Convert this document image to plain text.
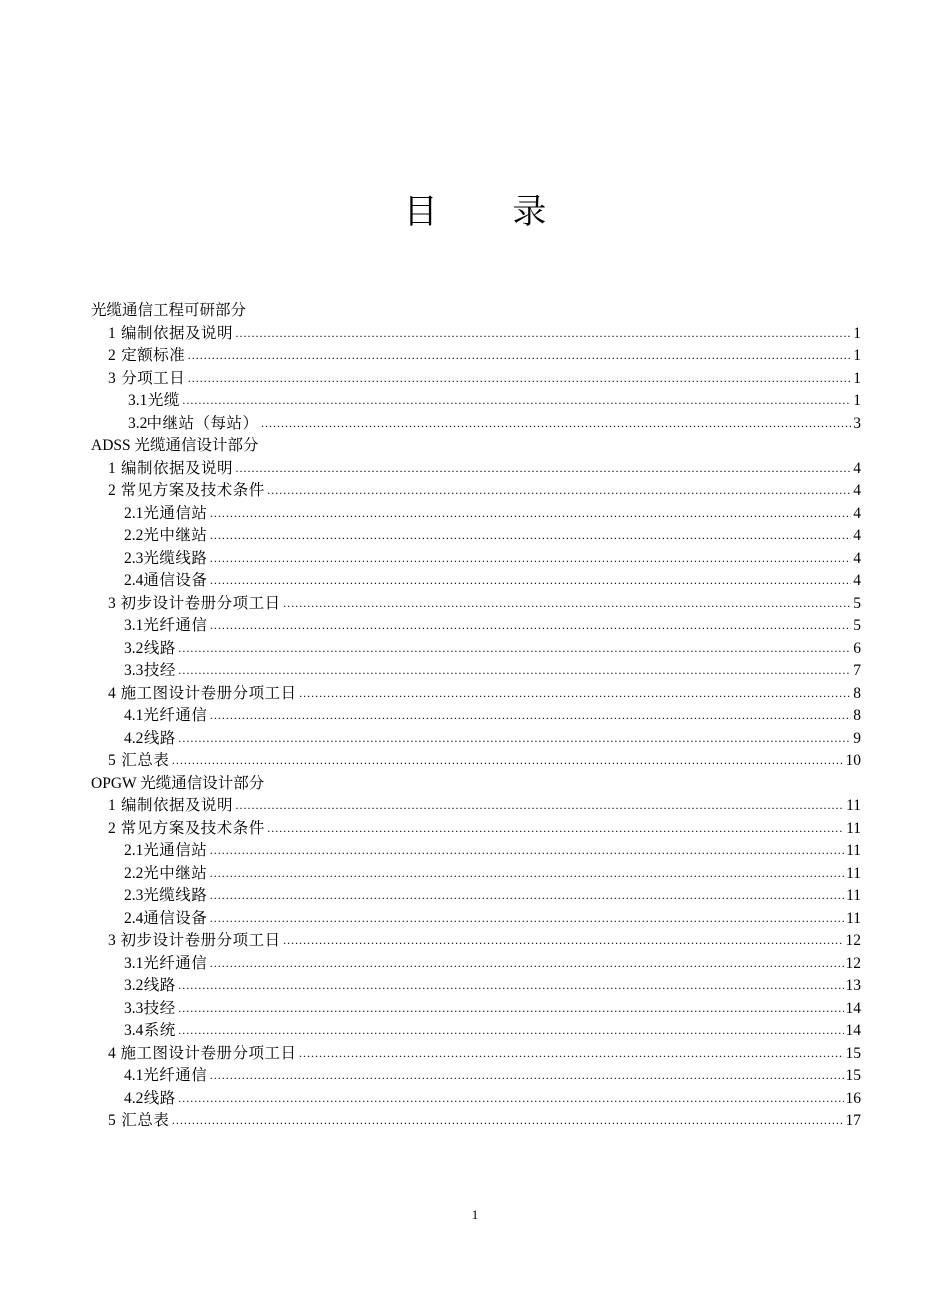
目 录
光缆通信工程可研部分
1 编制依据及说明 …………………………………………………………………………………………………………………………………………………………………………………………………………………………………………………………………………	1
2 定额标准 …………………………………………………………………………………………………………………………………………………………………………………………………………………………………………………………………………	1
3 分项工日 …………………………………………………………………………………………………………………………………………………………………………………………………………………………………………………………………………	1
3.1 光缆 …………………………………………………………………………………………………………………………………………………………………………………………………………………………………………………………………………	1
3.2 中继站（每站） …………………………………………………………………………………………………………………………………………………………………………………………………………………………………………………………………………	3
ADSS 光缆通信设计部分
1 编制依据及说明 …………………………………………………………………………………………………………………………………………………………………………………………………………………………………………………………………………	4
2 常见方案及技术条件 …………………………………………………………………………………………………………………………………………………………………………………………………………………………………………………………………………	4
2.1 光通信站 …………………………………………………………………………………………………………………………………………………………………………………………………………………………………………………………………………	4
2.2 光中继站 …………………………………………………………………………………………………………………………………………………………………………………………………………………………………………………………………………	4
2.3 光缆线路 …………………………………………………………………………………………………………………………………………………………………………………………………………………………………………………………………………	4
2.4 通信设备 …………………………………………………………………………………………………………………………………………………………………………………………………………………………………………………………………………	4
3 初步设计卷册分项工日 …………………………………………………………………………………………………………………………………………………………………………………………………………………………………………………………………………	5
3.1 光纤通信 …………………………………………………………………………………………………………………………………………………………………………………………………………………………………………………………………………	5
3.2 线路 …………………………………………………………………………………………………………………………………………………………………………………………………………………………………………………………………………	6
3.3 技经 …………………………………………………………………………………………………………………………………………………………………………………………………………………………………………………………………………	7
4 施工图设计卷册分项工日 …………………………………………………………………………………………………………………………………………………………………………………………………………………………………………………………………………	8
4.1 光纤通信 …………………………………………………………………………………………………………………………………………………………………………………………………………………………………………………………………………	8
4.2 线路 …………………………………………………………………………………………………………………………………………………………………………………………………………………………………………………………………………	9
5 汇总表 …………………………………………………………………………………………………………………………………………………………………………………………………………………………………………………………………………	10
OPGW 光缆通信设计部分
1 编制依据及说明 …………………………………………………………………………………………………………………………………………………………………………………………………………………………………………………………………………	11
2 常见方案及技术条件 …………………………………………………………………………………………………………………………………………………………………………………………………………………………………………………………………………	11
2.1 光通信站 …………………………………………………………………………………………………………………………………………………………………………………………………………………………………………………………………………	11
2.2 光中继站 …………………………………………………………………………………………………………………………………………………………………………………………………………………………………………………………………………	11
2.3 光缆线路 …………………………………………………………………………………………………………………………………………………………………………………………………………………………………………………………………………	11
2.4 通信设备 …………………………………………………………………………………………………………………………………………………………………………………………………………………………………………………………………………	11
3 初步设计卷册分项工日 …………………………………………………………………………………………………………………………………………………………………………………………………………………………………………………………………………	12
3.1 光纤通信 …………………………………………………………………………………………………………………………………………………………………………………………………………………………………………………………………………	12
3.2 线路 …………………………………………………………………………………………………………………………………………………………………………………………………………………………………………………………………………	13
3.3 技经 …………………………………………………………………………………………………………………………………………………………………………………………………………………………………………………………………………	14
3.4 系统 …………………………………………………………………………………………………………………………………………………………………………………………………………………………………………………………………………	14
4 施工图设计卷册分项工日 …………………………………………………………………………………………………………………………………………………………………………………………………………………………………………………………………………	15
4.1 光纤通信 …………………………………………………………………………………………………………………………………………………………………………………………………………………………………………………………………………	15
4.2 线路 …………………………………………………………………………………………………………………………………………………………………………………………………………………………………………………………………………	16
5 汇总表 …………………………………………………………………………………………………………………………………………………………………………………………………………………………………………………………………………	17
1
